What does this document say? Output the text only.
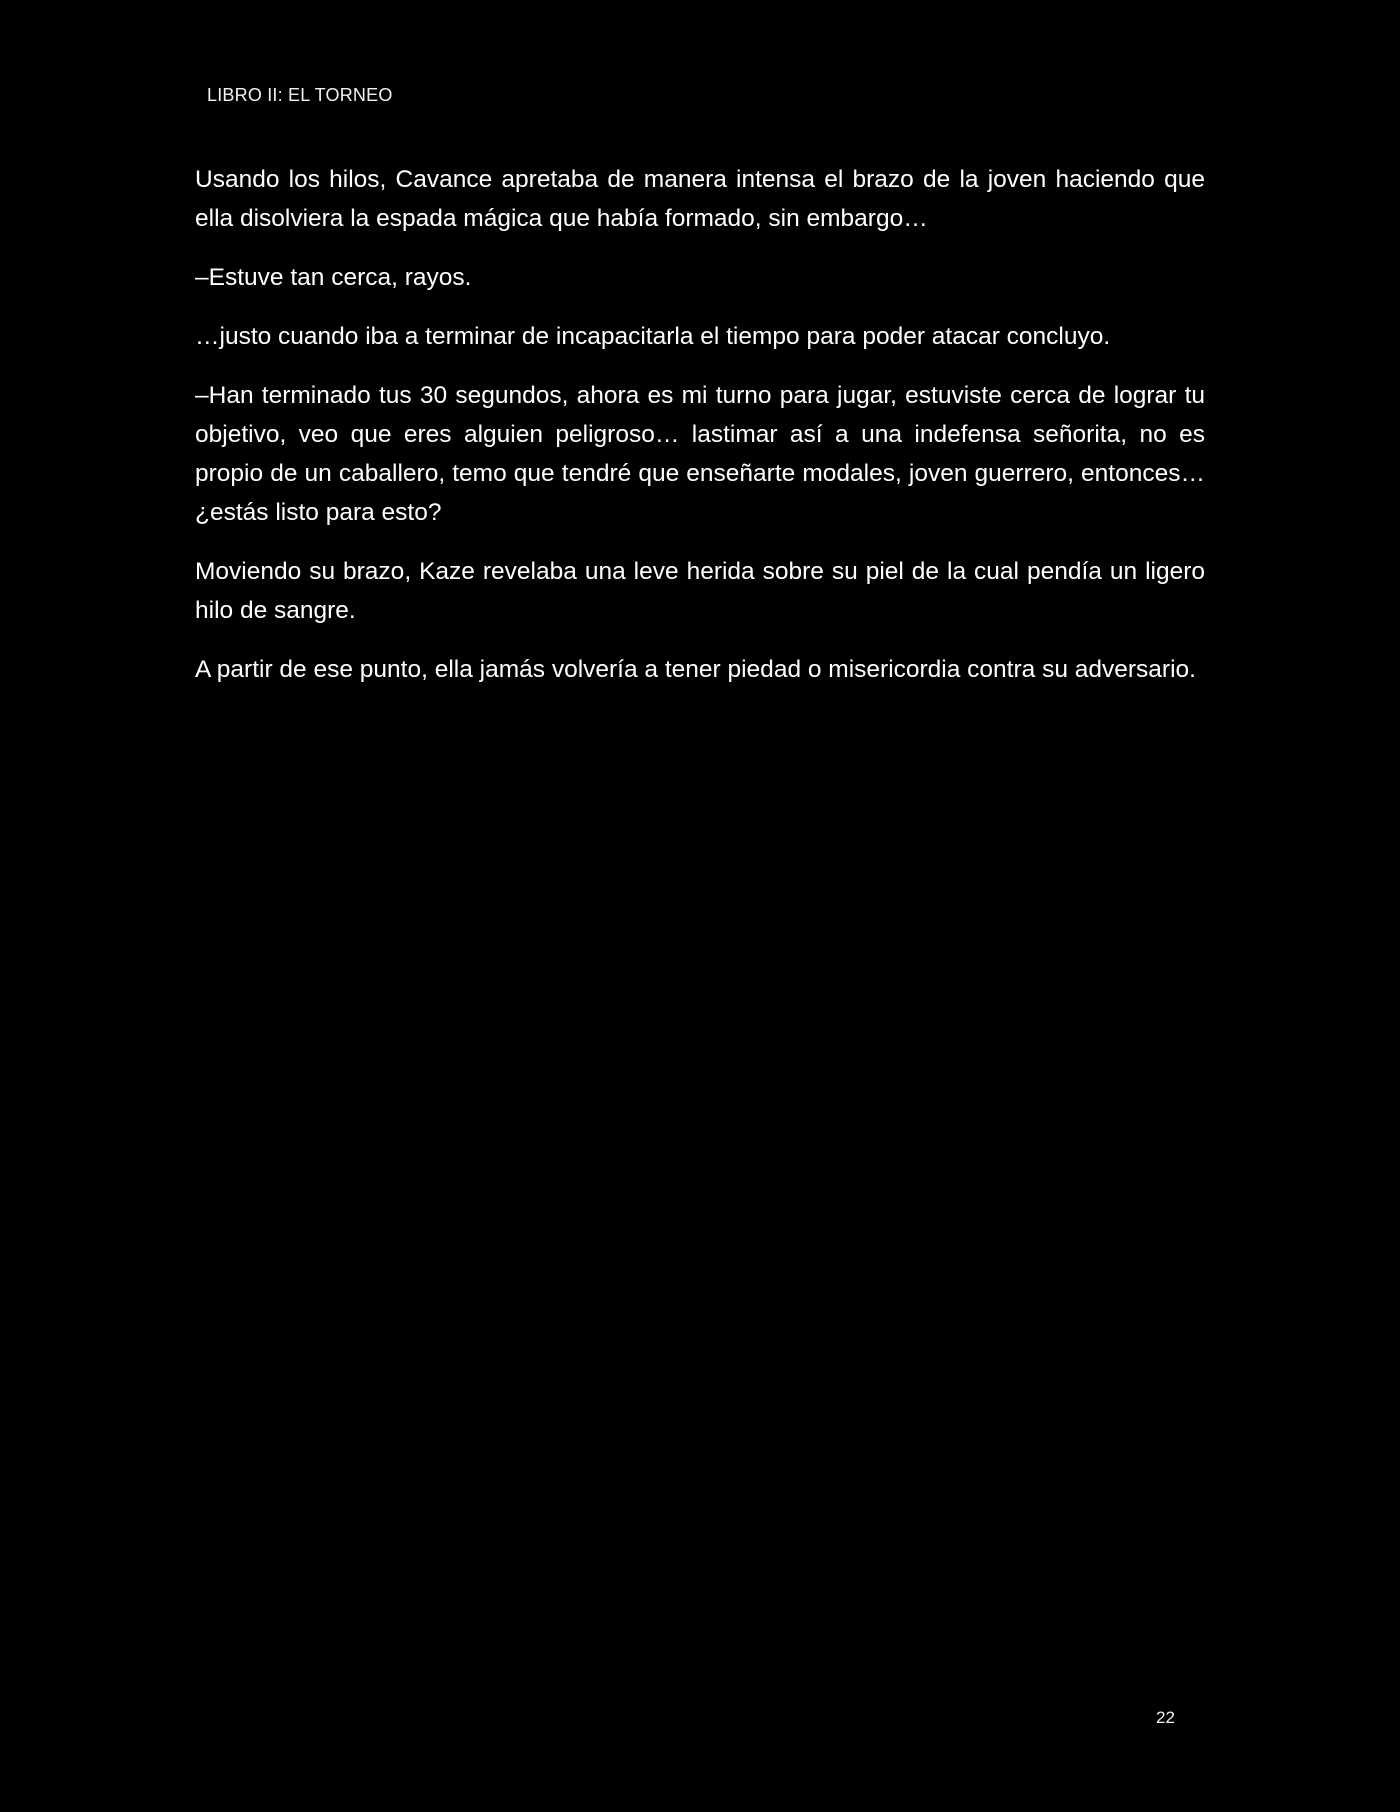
LIBRO II: EL TORNEO

Usando los hilos, Cavance apretaba de manera intensa el brazo de la joven haciendo que ella disolviera la espada mágica que había formado, sin embargo…

–Estuve tan cerca, rayos.

…justo cuando iba a terminar de incapacitarla el tiempo para poder atacar concluyo.

–Han terminado tus 30 segundos, ahora es mi turno para jugar, estuviste cerca de lograr tu objetivo, veo que eres alguien peligroso… lastimar así a una indefensa señorita, no es propio de un caballero, temo que tendré que enseñarte modales, joven guerrero, entonces… ¿estás listo para esto?

Moviendo su brazo, Kaze revelaba una leve herida sobre su piel de la cual pendía un ligero hilo de sangre.

A partir de ese punto, ella jamás volvería a tener piedad o misericordia contra su adversario.

22
